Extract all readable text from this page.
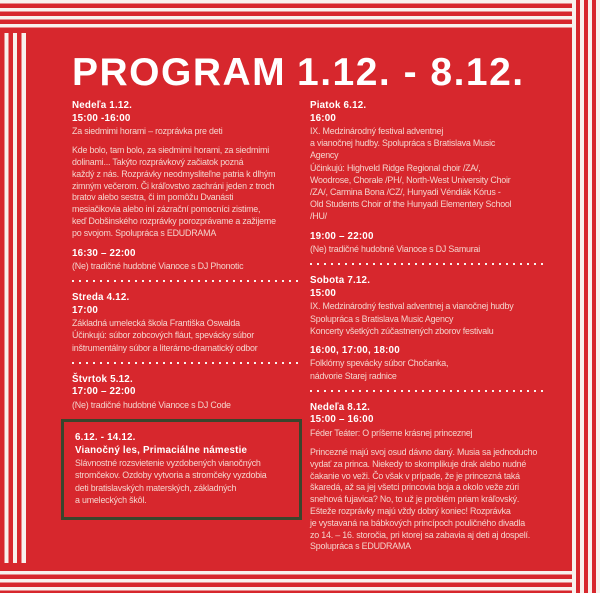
PROGRAM 1.12. - 8.12.
Nedeľa 1.12.
15:00 -16:00
Za siedmimi horami – rozprávka pre deti
Kde bolo, tam bolo, za siedmimi horami, za siedmimi
dolinami... Takýto rozprávkový začiatok pozná
každý z nás. Rozprávky neodmysliteľne patria k dlhým
zimným večerom. Či kráľovstvo zachráni jeden z troch
bratov alebo sestra, či im pomôžu Dvanásti
mesiačikovia alebo iní zázrační pomocníci zistime,
keď Dobšinského rozprávky porozprávame a zažijeme
po svojom. Spolupráca s EDUDRAMA
16:30 – 22:00
(Ne) tradičné hudobné Vianoce s DJ Phonotic
Streda 4.12.
17:00
Základná umelecká škola Františka Oswalda
Účinkujú: súbor zobcových fláut, spevácky súbor
inštrumentálny súbor a literárno-dramatický odbor
Štvrtok 5.12.
17:00 – 22:00
(Ne) tradičné hudobné Vianoce s DJ Code
6.12. - 14.12.
Vianočný les, Primaciálne námestie
Slávnostné rozsvietenie vyzdobených vianočných
stromčekov. Ozdoby vytvoria a stromčeky vyzdobia
deti bratislavských materských, základných
a umeleckých škôl.
Piatok 6.12.
16:00
IX. Medzinárodný festival adventnej
a vianočnej hudby. Spolupráca s Bratislava Music
Agency
Účinkujú: Highveld Ridge Regional choir /ZA/,
Woodrose, Chorale /PH/, North-West University Choir
/ZA/, Carmina Bona /CZ/, Hunyadi Véndiák Kórus -
Old Students Choir of the Hunyadi Elementery School
/HU/
19:00 – 22:00
(Ne) tradičné hudobné Vianoce s DJ Samurai
Sobota 7.12.
15:00
IX. Medzinárodný festival adventnej a vianočnej hudby
Spolupráca s Bratislava Music Agency
Koncerty všetkých zúčastnených zborov festivalu
16:00, 17:00, 18:00
Folklórny spevácky súbor Chočanka,
nádvorie Starej radnice
Nedeľa 8.12.
15:00 – 16:00
Féder Teáter: O príšerne krásnej princeznej
Princezné majú svoj osud dávno daný. Musia sa jednoducho
vydať za princa. Niekedy to skomplikuje drak alebo nudné
čakanie vo veži. Čo však v prípade, že je princezná taká
škaredá, až sa jej všetci princovia boja a okolo veže zúri
snehová fujavica? No, to už je problém priam kráľovský.
Ešteže rozprávky majú vždy dobrý koniec! Rozprávka
je vystavaná na bábkových princípoch pouličného divadla
zo 14. – 16. storočia, pri ktorej sa zabavia aj deti aj dospelí.
Spolupráca s EDUDRAMA
